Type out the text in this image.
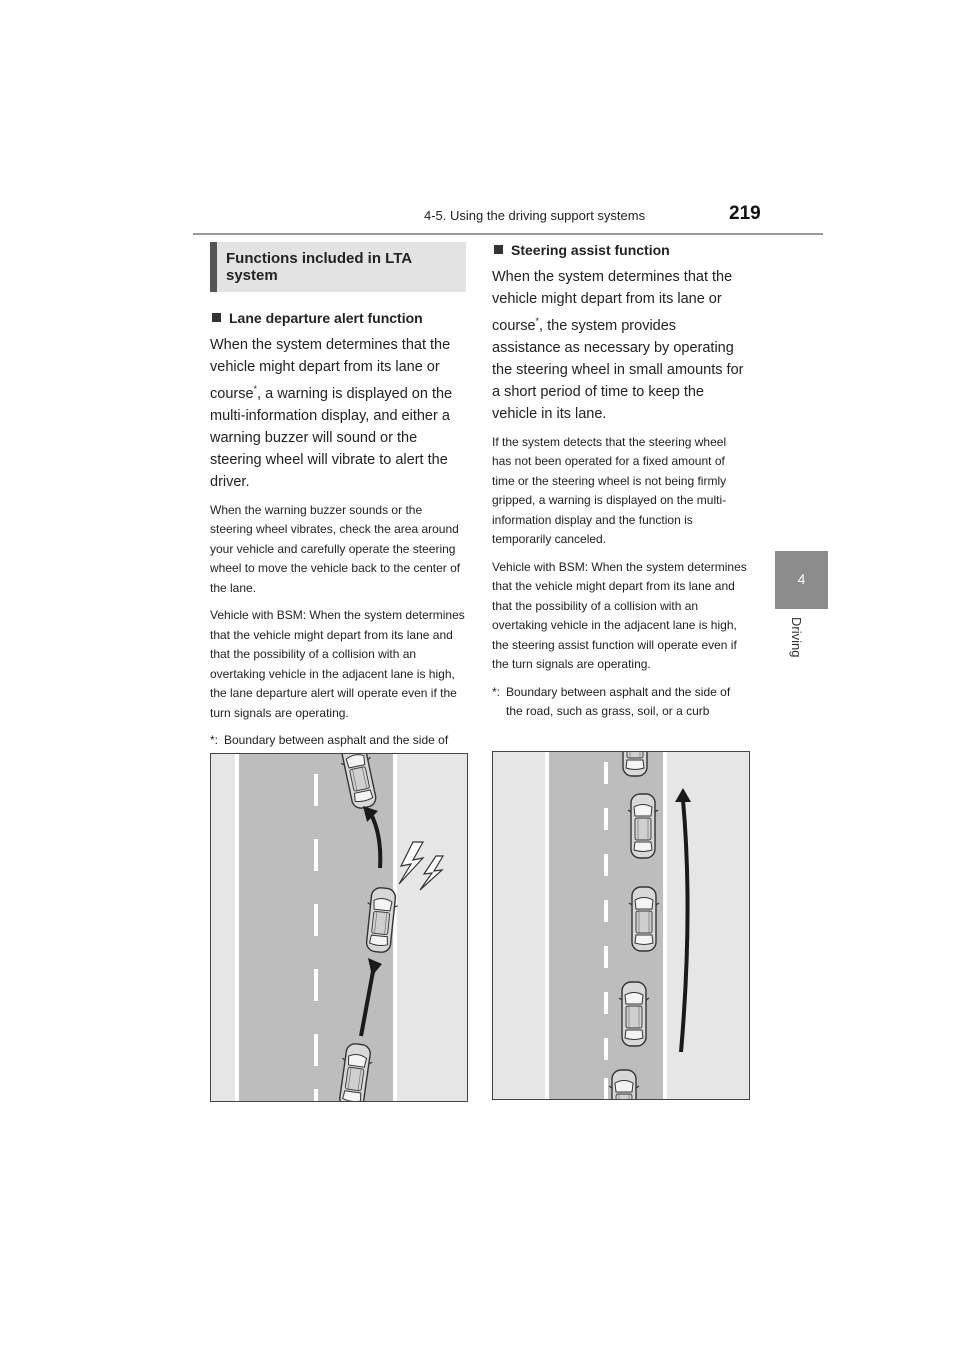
4-5. Using the driving support systems	219
4
Driving
Functions included in LTA system
Lane departure alert function

When the system determines that the vehicle might depart from its lane or course*, a warning is displayed on the multi-information display, and either a warning buzzer will sound or the steering wheel will vibrate to alert the driver.

When the warning buzzer sounds or the steering wheel vibrates, check the area around your vehicle and carefully operate the steering wheel to move the vehicle back to the center of the lane.

Vehicle with BSM: When the system determines that the vehicle might depart from its lane and that the possibility of a collision with an overtaking vehicle in the adjacent lane is high, the lane departure alert will operate even if the turn signals are operating.

*: Boundary between asphalt and the side of

Steering assist function

When the system determines that the vehicle might depart from its lane or course*, the system provides assistance as necessary by operating the steering wheel in small amounts for a short period of time to keep the vehicle in its lane.

If the system detects that the steering wheel has not been operated for a fixed amount of time or the steering wheel is not being firmly gripped, a warning is displayed on the multi-information display and the function is temporarily canceled.

Vehicle with BSM: When the system determines that the vehicle might depart from its lane and that the possibility of a collision with an overtaking vehicle in the adjacent lane is high, the steering assist function will operate even if the turn signals are operating.

*: Boundary between asphalt and the side of the road, such as grass, soil, or a curb
